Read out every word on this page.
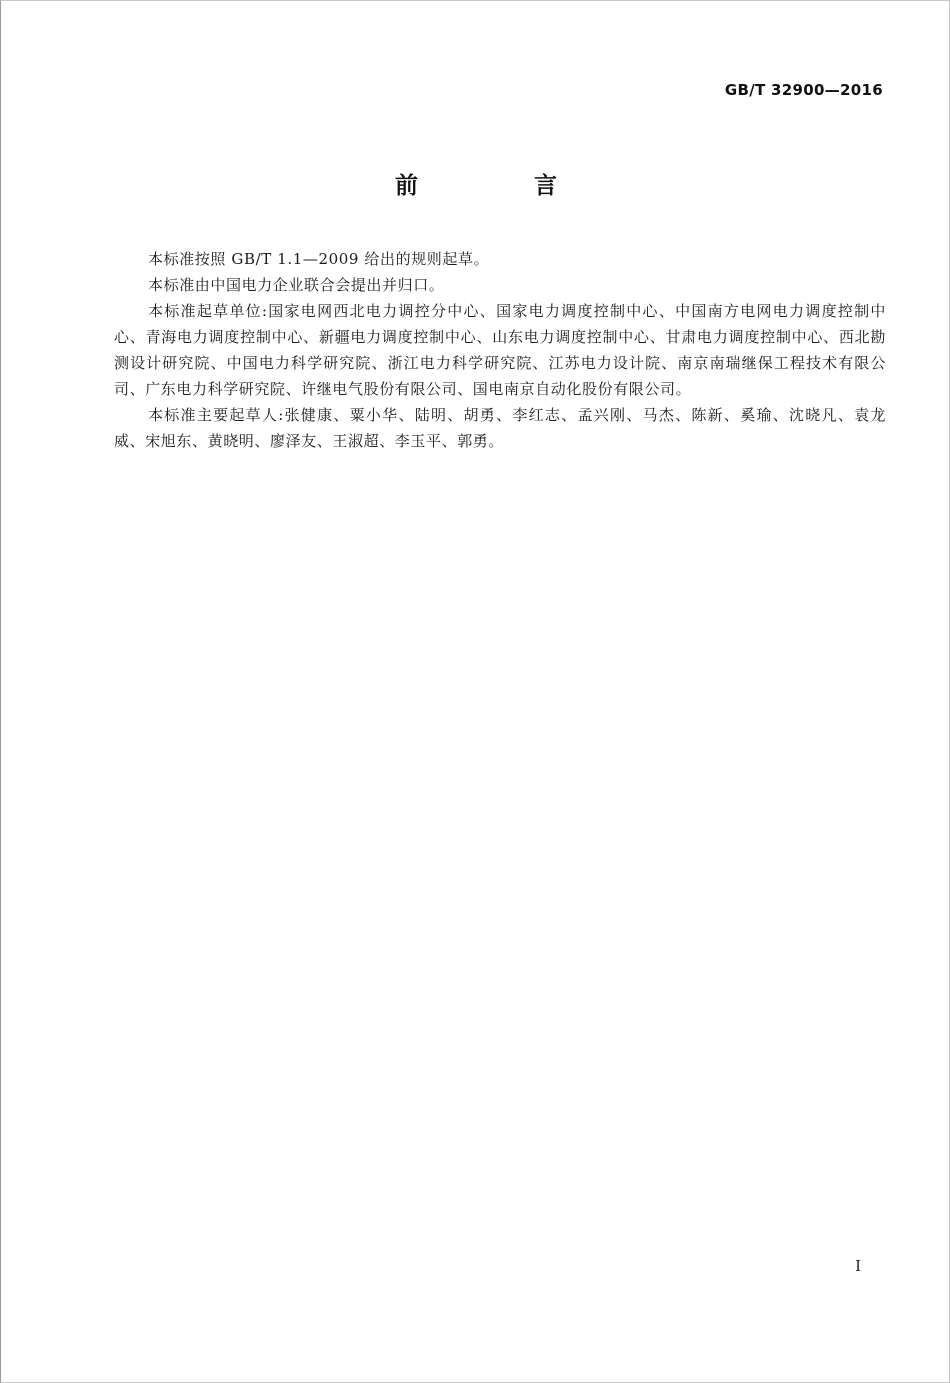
GB/T 32900—2016
前 言

本标准按照 GB/T 1.1—2009 给出的规则起草。

本标准由中国电力企业联合会提出并归口。

本标准起草单位:国家电网西北电力调控分中心、国家电力调度控制中心、中国南方电网电力调度控制中心、青海电力调度控制中心、新疆电力调度控制中心、山东电力调度控制中心、甘肃电力调度控制中心、西北勘测设计研究院、中国电力科学研究院、浙江电力科学研究院、江苏电力设计院、南京南瑞继保工程技术有限公司、广东电力科学研究院、许继电气股份有限公司、国电南京自动化股份有限公司。

本标准主要起草人:张健康、粟小华、陆明、胡勇、李红志、孟兴刚、马杰、陈新、奚瑜、沈晓凡、袁龙威、宋旭东、黄晓明、廖泽友、王淑超、李玉平、郭勇。

I
